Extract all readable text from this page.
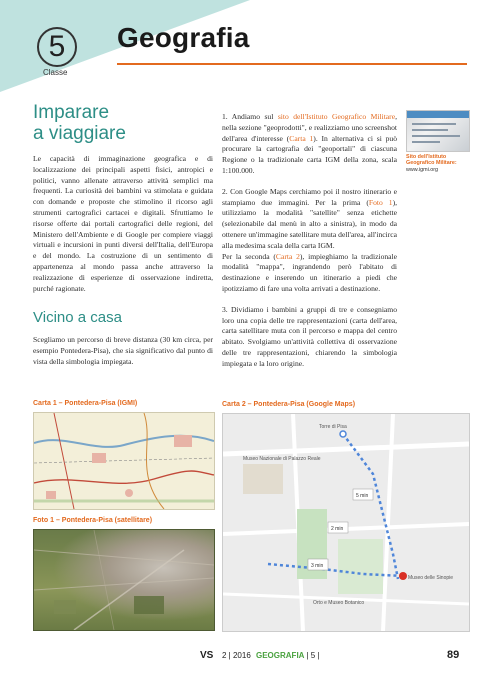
5
Classe
Geografia
Imparare
a viaggiare

Le capacità di immaginazione geografica e di localizzazione dei principali aspetti fisici, antropici e politici, vanno allenate attraverso attività semplici ma frequenti. La curiosità dei bambini va stimolata e guidata con domande e proposte che stimolino il ricorso agli strumenti cartografici cartacei e digitali. Sfruttiamo le risorse offerte dai portali cartografici delle regioni, del Ministero dell'Ambiente e di Google per compiere viaggi virtuali e incursioni in punti diversi dell'Italia, dell'Europa e del mondo. La costruzione di un sentimento di appartenenza al mondo passa anche attraverso la realizzazione di esperienze di osservazione indiretta, purché ragionate.

Vicino a casa

Scegliamo un percorso di breve distanza (30 km circa, per esempio Pontedera-Pisa), che sia significativo dal punto di vista della simbologia impiegata.

1. Andiamo sul sito dell'Istituto Geografico Militare, nella sezione "geoprodotti", e realizziamo uno screenshot dell'area d'interesse (Carta 1). In alternativa ci si può procurare la cartografia dei "geoportali" di ciascuna Regione o la tradizionale carta IGM della zona, scala 1:100.000.

2. Con Google Maps cerchiamo poi il nostro itinerario e stampiamo due immagini. Per la prima (Foto 1), utilizziamo la modalità "satellite" senza etichette (selezionabile dal menù in alto a sinistra), in modo da ottenere un'immagine satellitare muta dell'area, all'incirca alla medesima scala della carta IGM.
Per la seconda (Carta 2), impieghiamo la tradizionale modalità "mappa", ingrandendo però l'abitato di destinazione e inserendo un itinerario a piedi che ipotizziamo di fare una volta arrivati a destinazione.

3. Dividiamo i bambini a gruppi di tre e consegniamo loro una copia delle tre rappresentazioni (carta dell'area, carta satellitare muta con il percorso e mappa del centro abitato. Svolgiamo un'attività collettiva di osservazione delle tre rappresentazioni, chiarendo la simbologia impiegata e la loro origine.

Sito dell'Istituto Geografico Militare:
www.igmi.org
Carta 1 – Pontedera-Pisa (IGMI)
Foto 1 – Pontedera-Pisa (satellitare)
Carta 2 – Pontedera-Pisa (Google Maps)
Torre di Pisa
Museo delle Sinopie
Orto e Museo Botanico
Museo Nazionale di Palazzo Reale
2 min
5 min
3 min
VS 2 | 2016 GEOGRAFIA | 5 |	89
